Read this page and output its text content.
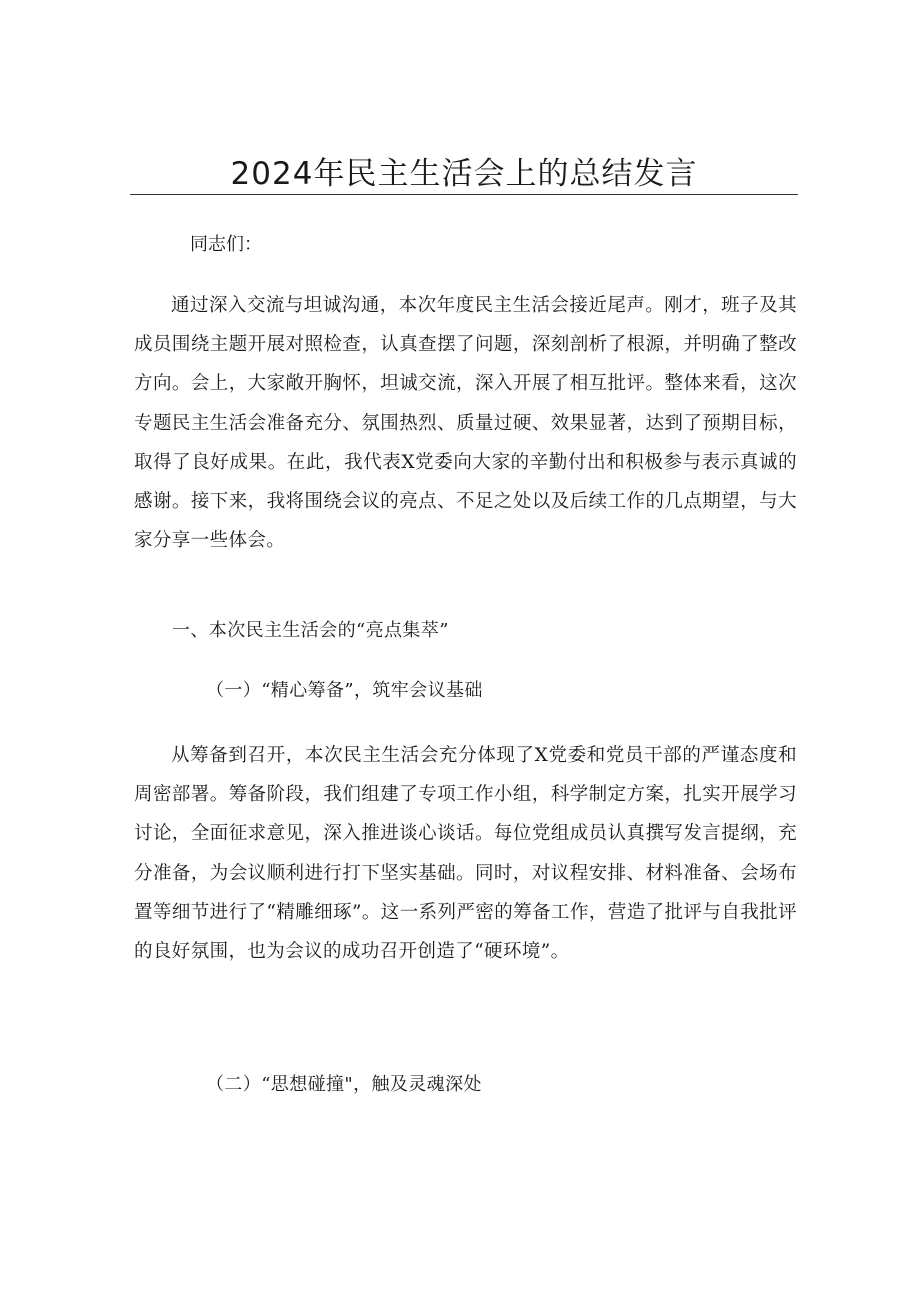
2024年民主生活会上的总结发言

同志们：

通过深入交流与坦诚沟通，本次年度民主生活会接近尾声。刚才，班子及其成员围绕主题开展对照检查，认真查摆了问题，深刻剖析了根源，并明确了整改方向。会上，大家敞开胸怀，坦诚交流，深入开展了相互批评。整体来看，这次专题民主生活会准备充分、氛围热烈、质量过硬、效果显著，达到了预期目标，取得了良好成果。在此，我代表X党委向大家的辛勤付出和积极参与表示真诚的感谢。接下来，我将围绕会议的亮点、不足之处以及后续工作的几点期望，与大家分享一些体会。

一、本次民主生活会的“亮点集萃”

（一）“精心筹备”，筑牢会议基础

从筹备到召开，本次民主生活会充分体现了X党委和党员干部的严谨态度和周密部署。筹备阶段，我们组建了专项工作小组，科学制定方案，扎实开展学习讨论，全面征求意见，深入推进谈心谈话。每位党组成员认真撰写发言提纲，充分准备，为会议顺利进行打下坚实基础。同时，对议程安排、材料准备、会场布置等细节进行了“精雕细琢”。这一系列严密的筹备工作，营造了批评与自我批评的良好氛围，也为会议的成功召开创造了“硬环境”。

（二）“思想碰撞"，触及灵魂深处
